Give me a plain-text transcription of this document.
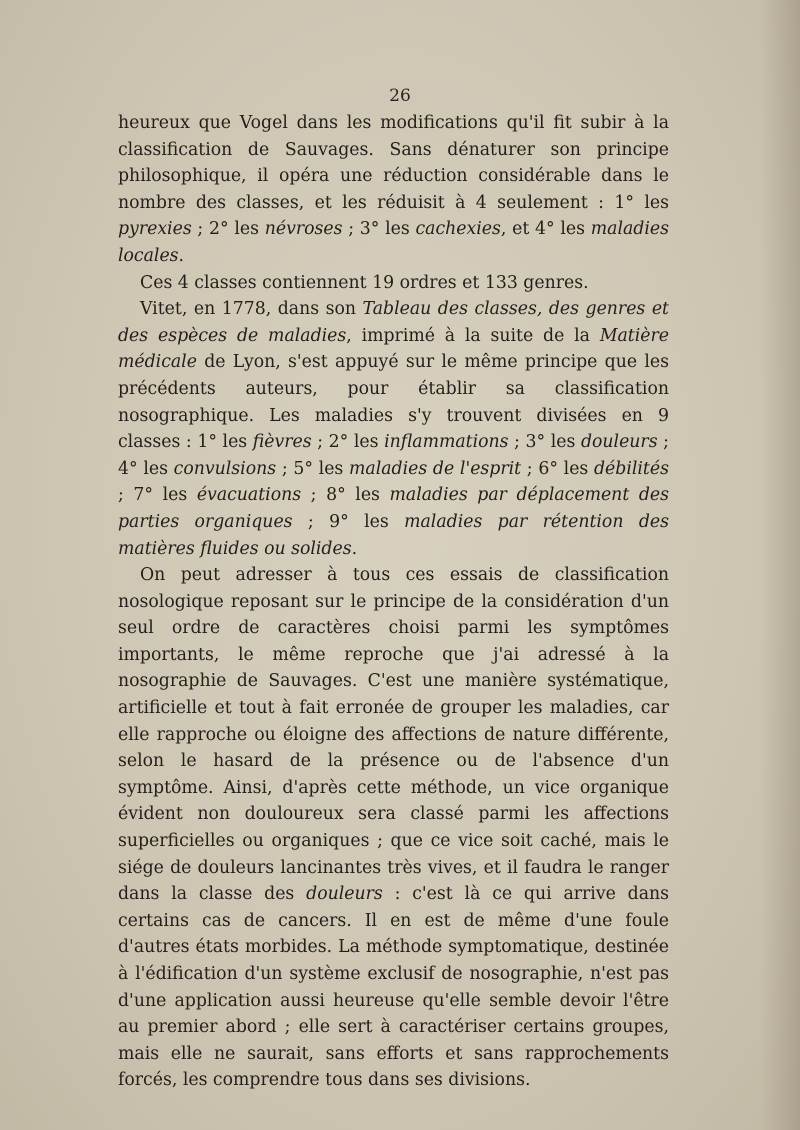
26

heureux que Vogel dans les modifications qu'il fit subir à la classification de Sauvages. Sans dénaturer son principe philosophique, il opéra une réduction considérable dans le nombre des classes, et les réduisit à 4 seulement : 1° les pyrexies ; 2° les névroses ; 3° les cachexies, et 4° les maladies locales.

Ces 4 classes contiennent 19 ordres et 133 genres.

Vitet, en 1778, dans son Tableau des classes, des genres et des espèces de maladies, imprimé à la suite de la Matière médicale de Lyon, s'est appuyé sur le même principe que les précédents auteurs, pour établir sa classification nosographique. Les maladies s'y trouvent divisées en 9 classes : 1° les fièvres ; 2° les inflammations ; 3° les douleurs ; 4° les convulsions ; 5° les maladies de l'esprit ; 6° les débilités ; 7° les évacuations ; 8° les maladies par déplacement des parties organiques ; 9° les maladies par rétention des matières fluides ou solides.

On peut adresser à tous ces essais de classification nosologique reposant sur le principe de la considération d'un seul ordre de caractères choisi parmi les symptômes importants, le même reproche que j'ai adressé à la nosographie de Sauvages. C'est une manière systématique, artificielle et tout à fait erronée de grouper les maladies, car elle rapproche ou éloigne des affections de nature différente, selon le hasard de la présence ou de l'absence d'un symptôme. Ainsi, d'après cette méthode, un vice organique évident non douloureux sera classé parmi les affections superficielles ou organiques ; que ce vice soit caché, mais le siége de douleurs lancinantes très vives, et il faudra le ranger dans la classe des douleurs : c'est là ce qui arrive dans certains cas de cancers. Il en est de même d'une foule d'autres états morbides. La méthode symptomatique, destinée à l'édification d'un système exclusif de nosographie, n'est pas d'une application aussi heureuse qu'elle semble devoir l'être au premier abord ; elle sert à caractériser certains groupes, mais elle ne saurait, sans efforts et sans rapprochements forcés, les comprendre tous dans ses divisions.
